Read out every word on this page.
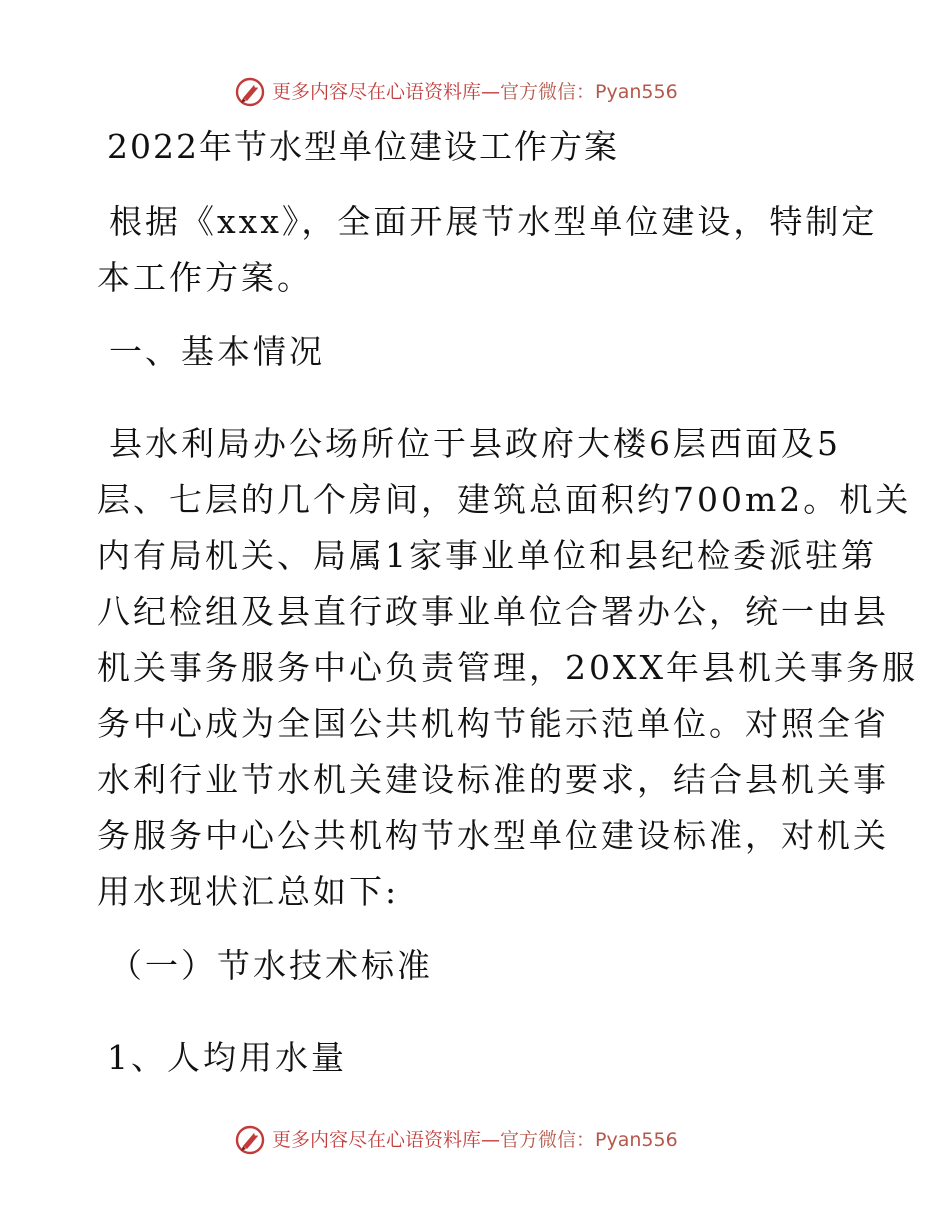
更多内容尽在心语资料库—官方微信：Pyan556
2022年节水型单位建设工作方案
根据《xxx》，全面开展节水型单位建设，特制定
本工作方案。
一、基本情况
县水利局办公场所位于县政府大楼6层西面及5
层、七层的几个房间，建筑总面积约700m2。机关
内有局机关、局属1家事业单位和县纪检委派驻第
八纪检组及县直行政事业单位合署办公，统一由县
机关事务服务中心负责管理，20XX年县机关事务服
务中心成为全国公共机构节能示范单位。对照全省
水利行业节水机关建设标准的要求，结合县机关事
务服务中心公共机构节水型单位建设标准，对机关
用水现状汇总如下:
（一）节水技术标准
1、人均用水量
更多内容尽在心语资料库—官方微信：Pyan556
